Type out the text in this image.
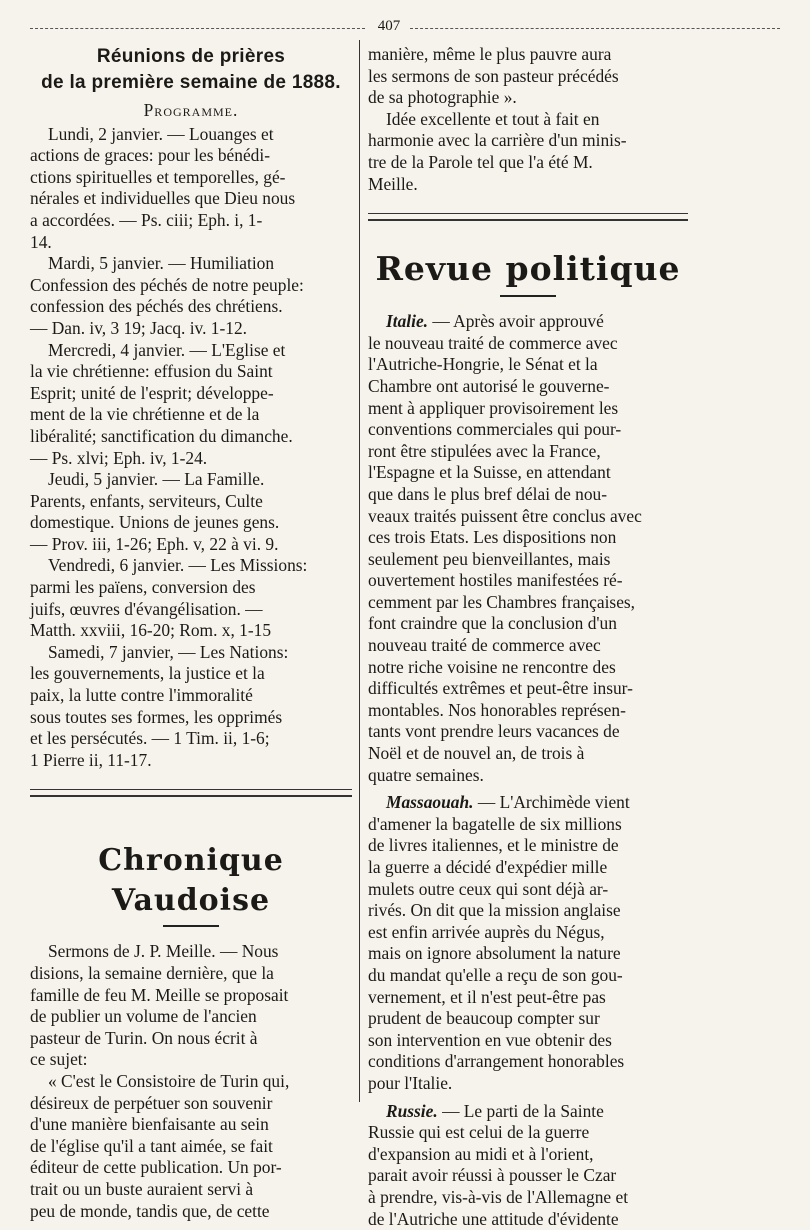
407
Réunions de prières
de la première semaine de 1888.
Programme.
Lundi, 2 janvier. — Louanges et
actions de graces: pour les bénédi-
ctions spirituelles et temporelles, gé-
nérales et individuelles que Dieu nous
a accordées. — Ps. ciii; Eph. i, 1-
14.
Mardi, 5 janvier. — Humiliation
Confession des péchés de notre peuple:
confession des péchés des chrétiens.
— Dan. iv, 3 19; Jacq. iv. 1-12.
Mercredi, 4 janvier. — L'Eglise et
la vie chrétienne: effusion du Saint
Esprit; unité de l'esprit; développe-
ment de la vie chrétienne et de la
libéralité; sanctification du dimanche.
— Ps. xlvi; Eph. iv, 1-24.
Jeudi, 5 janvier. — La Famille.
Parents, enfants, serviteurs, Culte
domestique. Unions de jeunes gens.
— Prov. iii, 1-26; Eph. v, 22 à vi. 9.
Vendredi, 6 janvier. — Les Missions:
parmi les païens, conversion des
juifs, œuvres d'évangélisation. —
Matth. xxviii, 16-20; Rom. x, 1-15
Samedi, 7 janvier, — Les Nations:
les gouvernements, la justice et la
paix, la lutte contre l'immoralité
sous toutes ses formes, les opprimés
et les persécutés. — 1 Tim. ii, 1-6;
1 Pierre ii, 11-17.
Chronique Vaudoise
Sermons de J. P. Meille. — Nous
disions, la semaine dernière, que la
famille de feu M. Meille se proposait
de publier un volume de l'ancien
pasteur de Turin. On nous écrit à
ce sujet:
« C'est le Consistoire de Turin qui,
désireux de perpétuer son souvenir
d'une manière bienfaisante au sein
de l'église qu'il a tant aimée, se fait
éditeur de cette publication. Un por-
trait ou un buste auraient servi à
peu de monde, tandis que, de cette
manière, même le plus pauvre aura
les sermons de son pasteur précédés
de sa photographie ».
Idée excellente et tout à fait en
harmonie avec la carrière d'un minis-
tre de la Parole tel que l'a été M.
Meille.
Revue politique
Italie. — Après avoir approuvé
le nouveau traité de commerce avec
l'Autriche-Hongrie, le Sénat et la
Chambre ont autorisé le gouverne-
ment à appliquer provisoirement les
conventions commerciales qui pour-
ront être stipulées avec la France,
l'Espagne et la Suisse, en attendant
que dans le plus bref délai de nou-
veaux traités puissent être conclus avec
ces trois Etats. Les dispositions non
seulement peu bienveillantes, mais
ouvertement hostiles manifestées ré-
cemment par les Chambres françaises,
font craindre que la conclusion d'un
nouveau traité de commerce avec
notre riche voisine ne rencontre des
difficultés extrêmes et peut-être insur-
montables. Nos honorables représen-
tants vont prendre leurs vacances de
Noël et de nouvel an, de trois à
quatre semaines.
Massaouah. — L'Archimède vient
d'amener la bagatelle de six millions
de livres italiennes, et le ministre de
la guerre a décidé d'expédier mille
mulets outre ceux qui sont déjà ar-
rivés. On dit que la mission anglaise
est enfin arrivée auprès du Négus,
mais on ignore absolument la nature
du mandat qu'elle a reçu de son gou-
vernement, et il n'est peut-être pas
prudent de beaucoup compter sur
son intervention en vue obtenir des
conditions d'arrangement honorables
pour l'Italie.
Russie. — Le parti de la Sainte
Russie qui est celui de la guerre
d'expansion au midi et à l'orient,
parait avoir réussi à pousser le Czar
à prendre, vis-à-vis de l'Allemagne et
de l'Autriche une attitude d'évidente
